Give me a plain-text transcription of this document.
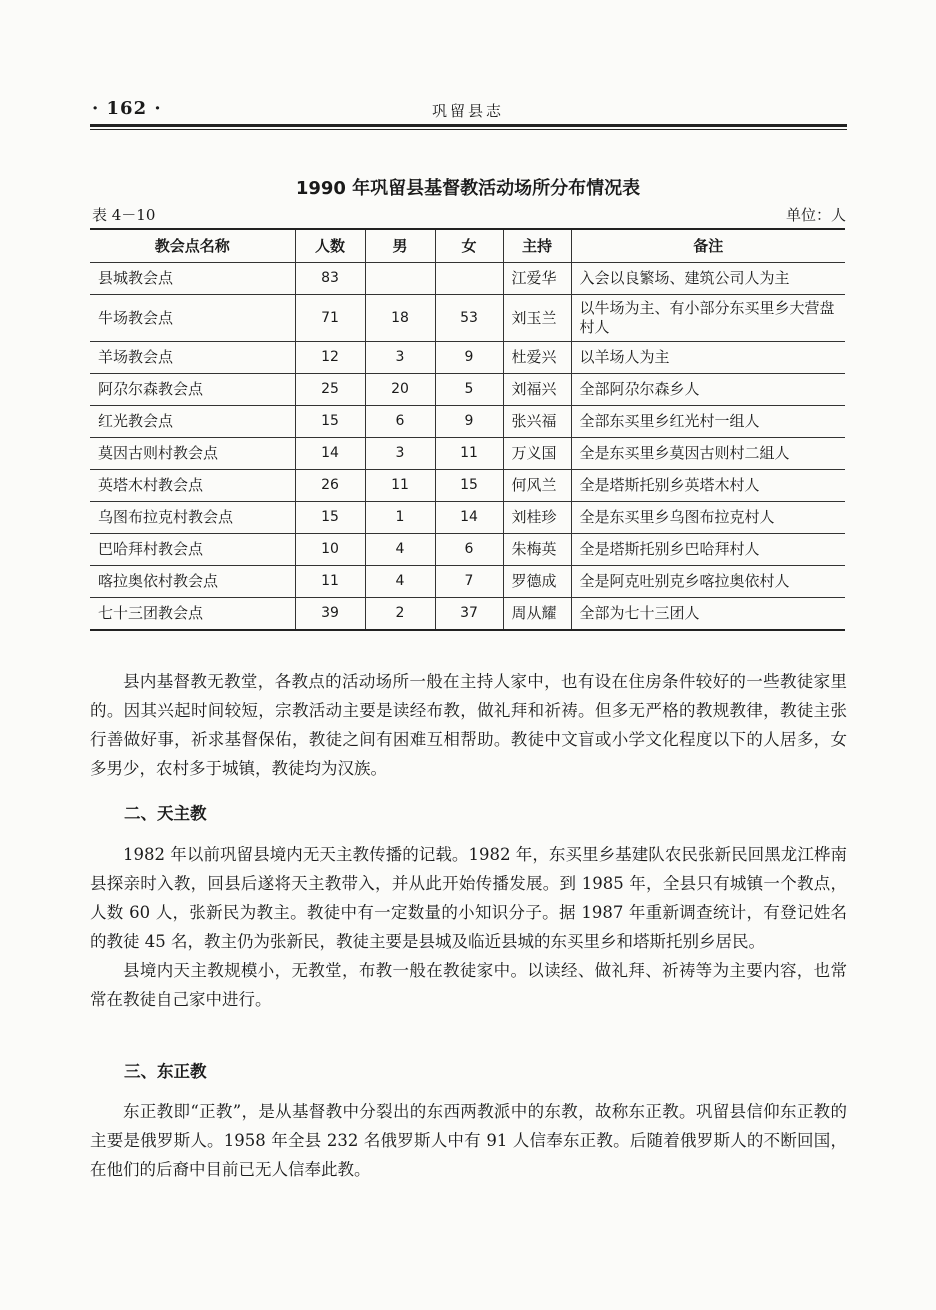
· 162 ·	巩留县志
1990 年巩留县基督教活动场所分布情况表
表 4－10	单位：人
教会点名称	人数	男	女	主持	备注
县城教会点	83			江爱华	入会以良繁场、建筑公司人为主
牛场教会点	71	18	53	刘玉兰	以牛场为主、有小部分东买里乡大营盘村人
羊场教会点	12	3	9	杜爱兴	以羊场人为主
阿尕尔森教会点	25	20	5	刘福兴	全部阿尕尔森乡人
红光教会点	15	6	9	张兴福	全部东买里乡红光村一组人
莫因古则村教会点	14	3	11	万义国	全是东买里乡莫因古则村二組人
英塔木村教会点	26	11	15	何风兰	全是塔斯托别乡英塔木村人
乌图布拉克村教会点	15	1	14	刘桂珍	全是东买里乡乌图布拉克村人
巴哈拜村教会点	10	4	6	朱梅英	全是塔斯托别乡巴哈拜村人
喀拉奥依村教会点	11	4	7	罗德成	全是阿克吐别克乡喀拉奥依村人
七十三团教会点	39	2	37	周从耀	全部为七十三团人

县内基督教无教堂，各教点的活动场所一般在主持人家中，也有设在住房条件较好的一些教徒家里的。因其兴起时间较短，宗教活动主要是读经布教，做礼拜和祈祷。但多无严格的教规教律，教徒主张行善做好事，祈求基督保佑，教徒之间有困难互相帮助。教徒中文盲或小学文化程度以下的人居多，女多男少，农村多于城镇，教徒均为汉族。

二、天主教

1982 年以前巩留县境内无天主教传播的记载。1982 年，东买里乡基建队农民张新民回黑龙江桦南县探亲时入教，回县后遂将天主教带入，并从此开始传播发展。到 1985 年，全县只有城镇一个教点，人数 60 人，张新民为教主。教徒中有一定数量的小知识分子。据 1987 年重新调查统计，有登记姓名的教徒 45 名，教主仍为张新民，教徒主要是县城及临近县城的东买里乡和塔斯托别乡居民。

县境内天主教规模小，无教堂，布教一般在教徒家中。以读经、做礼拜、祈祷等为主要内容，也常常在教徒自己家中进行。

三、东正教

东正教即“正教”，是从基督教中分裂出的东西两教派中的东教，故称东正教。巩留县信仰东正教的主要是俄罗斯人。1958 年全县 232 名俄罗斯人中有 91 人信奉东正教。后随着俄罗斯人的不断回国，在他们的后裔中目前已无人信奉此教。
